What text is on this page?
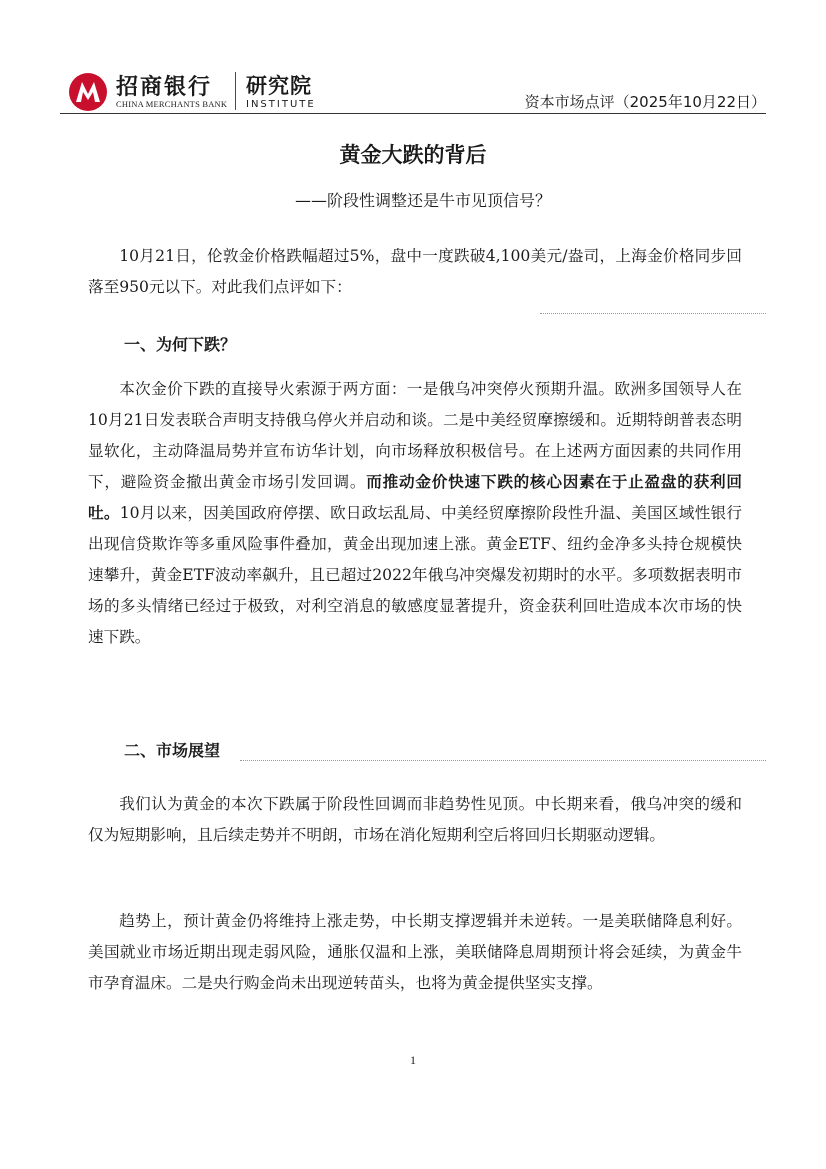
招商银行
CHINA MERCHANTS BANK
研究院
INSTITUTE	资本市场点评（2025年10月22日）
黄金大跌的背后
——阶段性调整还是牛市见顶信号？

10月21日，伦敦金价格跌幅超过5%，盘中一度跌破4,100美元/盎司，上海金价格同步回落至950元以下。对此我们点评如下：

一、为何下跌？

本次金价下跌的直接导火索源于两方面：一是俄乌冲突停火预期升温。欧洲多国领导人在10月21日发表联合声明支持俄乌停火并启动和谈。二是中美经贸摩擦缓和。近期特朗普表态明显软化，主动降温局势并宣布访华计划，向市场释放积极信号。在上述两方面因素的共同作用下，避险资金撤出黄金市场引发回调。而推动金价快速下跌的核心因素在于止盈盘的获利回吐。10月以来，因美国政府停摆、欧日政坛乱局、中美经贸摩擦阶段性升温、美国区域性银行出现信贷欺诈等多重风险事件叠加，黄金出现加速上涨。黄金ETF、纽约金净多头持仓规模快速攀升，黄金ETF波动率飙升，且已超过2022年俄乌冲突爆发初期时的水平。多项数据表明市场的多头情绪已经过于极致，对利空消息的敏感度显著提升，资金获利回吐造成本次市场的快速下跌。

二、市场展望

我们认为黄金的本次下跌属于阶段性回调而非趋势性见顶。中长期来看，俄乌冲突的缓和仅为短期影响，且后续走势并不明朗，市场在消化短期利空后将回归长期驱动逻辑。

趋势上，预计黄金仍将维持上涨走势，中长期支撑逻辑并未逆转。一是美联储降息利好。美国就业市场近期出现走弱风险，通胀仅温和上涨，美联储降息周期预计将会延续，为黄金牛市孕育温床。二是央行购金尚未出现逆转苗头，也将为黄金提供坚实支撑。

1
